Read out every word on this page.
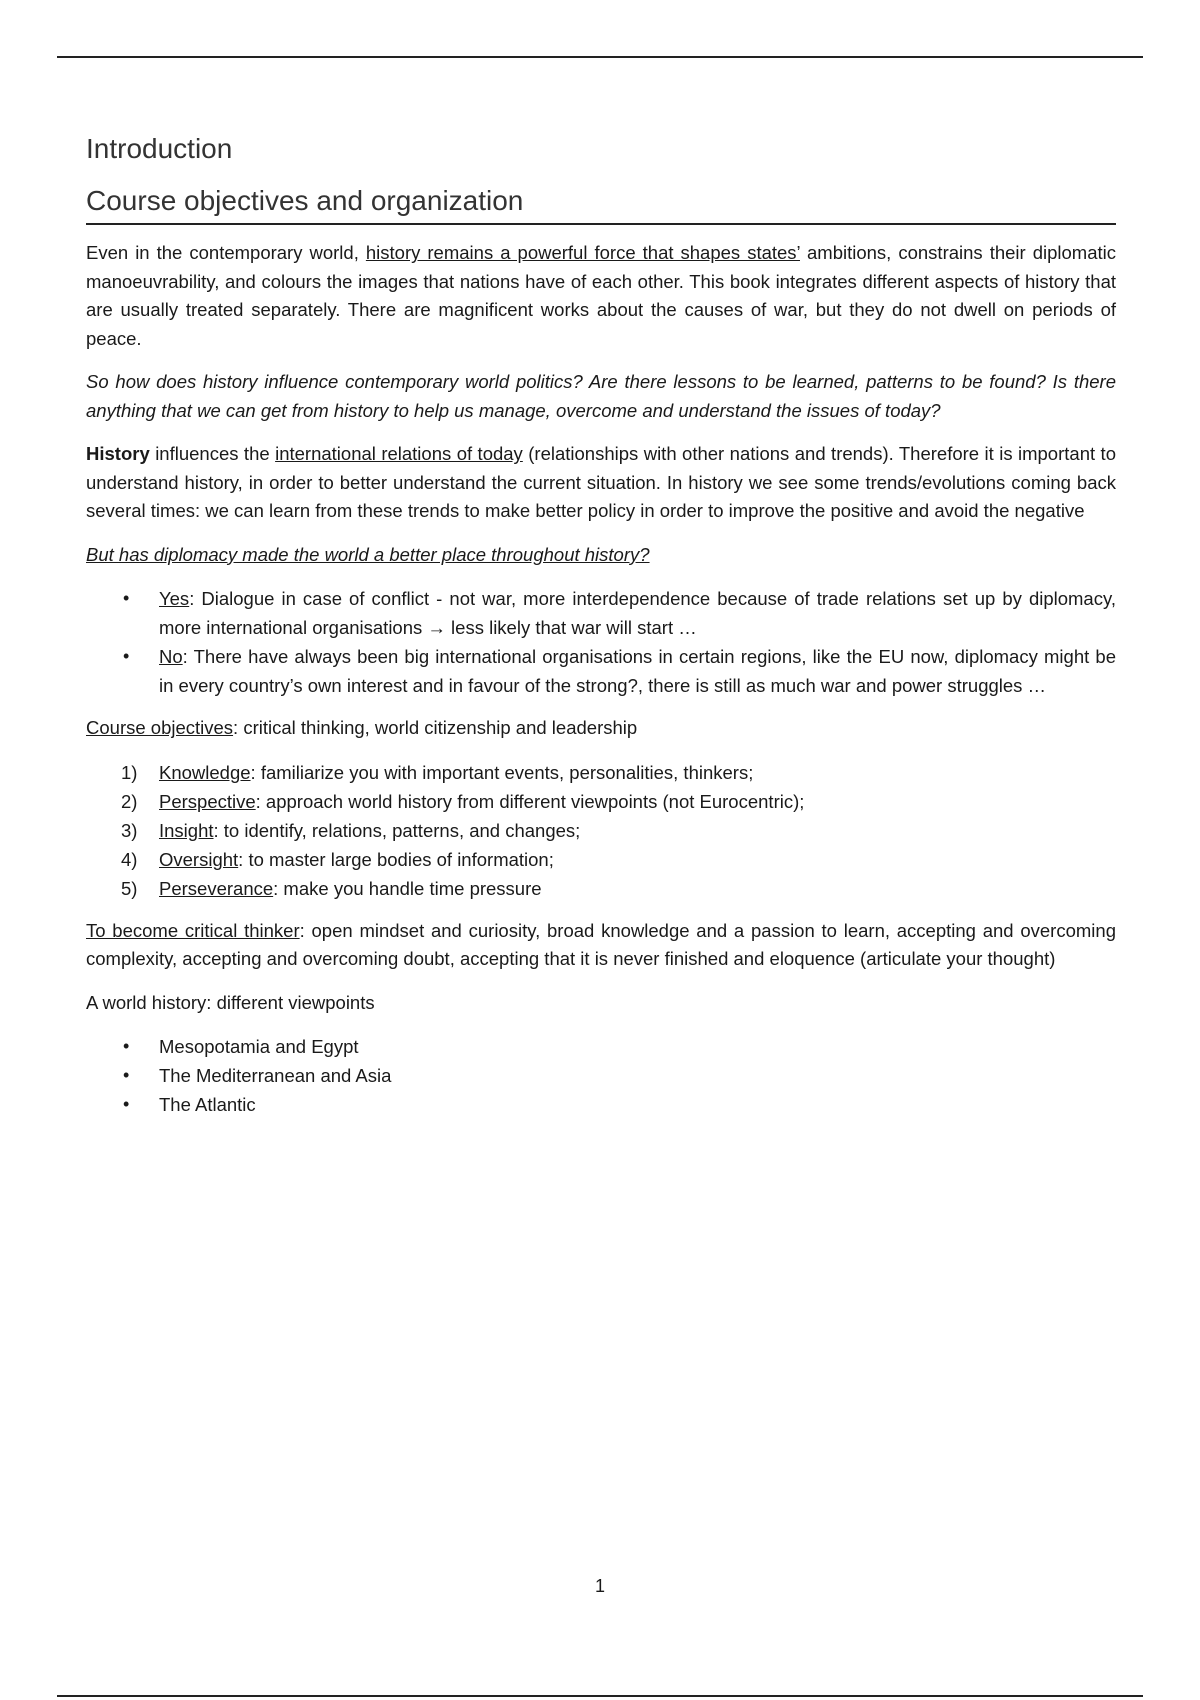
Introduction
Course objectives and organization

Even in the contemporary world, history remains a powerful force that shapes states’ ambitions, constrains their diplomatic manoeuvrability, and colours the images that nations have of each other. This book integrates different aspects of history that are usually treated separately. There are magnificent works about the causes of war, but they do not dwell on periods of peace.

So how does history influence contemporary world politics? Are there lessons to be learned, patterns to be found? Is there anything that we can get from history to help us manage, overcome and understand the issues of today?

History influences the international relations of today (relationships with other nations and trends). Therefore it is important to understand history, in order to better understand the current situation. In history we see some trends/evolutions coming back several times: we can learn from these trends to make better policy in order to improve the positive and avoid the negative

But has diplomacy made the world a better place throughout history?

• Yes: Dialogue in case of conflict - not war, more interdependence because of trade relations set up by diplomacy, more international organisations → less likely that war will start …
• No: There have always been big international organisations in certain regions, like the EU now, diplomacy might be in every country’s own interest and in favour of the strong?, there is still as much war and power struggles …

Course objectives: critical thinking, world citizenship and leadership

1) Knowledge: familiarize you with important events, personalities, thinkers;
2) Perspective: approach world history from different viewpoints (not Eurocentric);
3) Insight: to identify, relations, patterns, and changes;
4) Oversight: to master large bodies of information;
5) Perseverance: make you handle time pressure

To become critical thinker: open mindset and curiosity, broad knowledge and a passion to learn, accepting and overcoming complexity, accepting and overcoming doubt, accepting that it is never finished and eloquence (articulate your thought)

A world history: different viewpoints

• Mesopotamia and Egypt
• The Mediterranean and Asia
• The Atlantic
1
